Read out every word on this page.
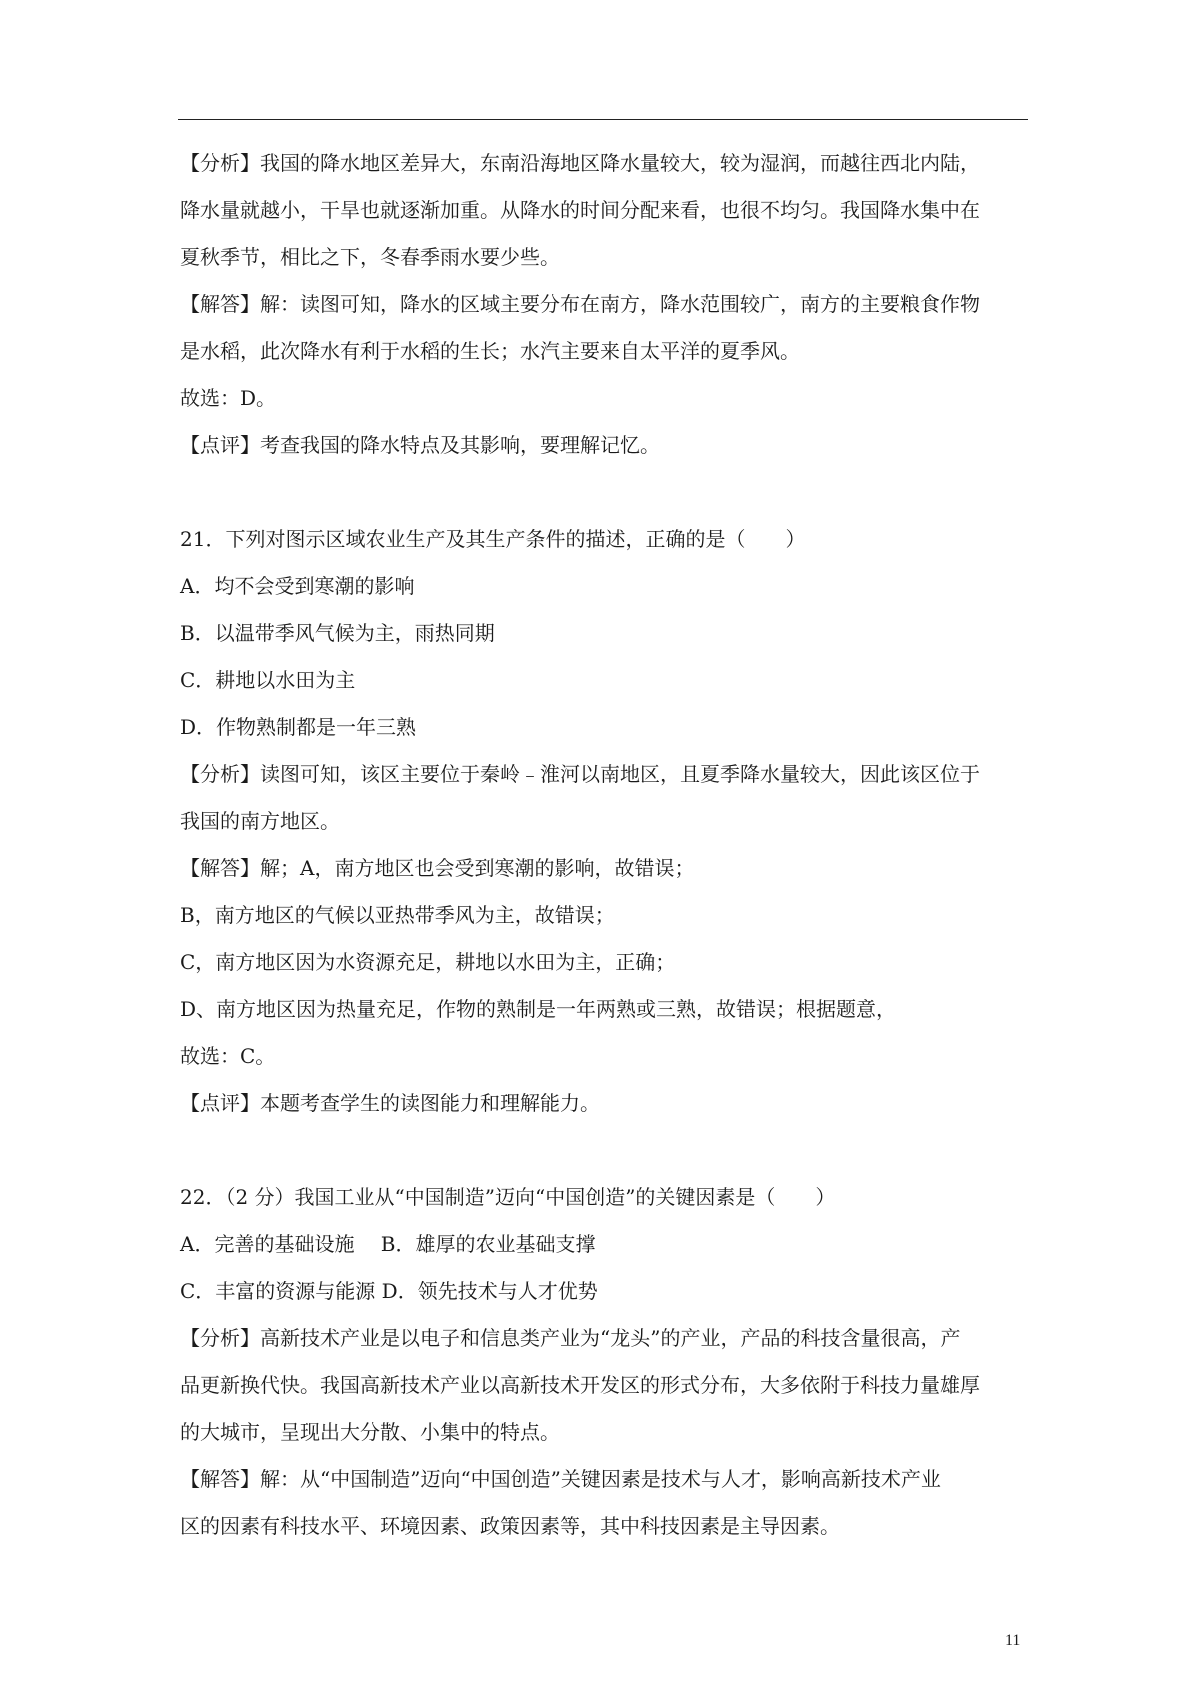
【分析】我国的降水地区差异大，东南沿海地区降水量较大，较为湿润，而越往西北内陆，
降水量就越小，干旱也就逐渐加重。从降水的时间分配来看，也很不均匀。我国降水集中在
夏秋季节，相比之下，冬春季雨水要少些。
【解答】解：读图可知，降水的区域主要分布在南方，降水范围较广，南方的主要粮食作物
是水稻，此次降水有利于水稻的生长；水汽主要来自太平洋的夏季风。
故选：D。
【点评】考查我国的降水特点及其影响，要理解记忆。
21．下列对图示区域农业生产及其生产条件的描述，正确的是（　　）
A．均不会受到寒潮的影响
B．以温带季风气候为主，雨热同期
C．耕地以水田为主
D．作物熟制都是一年三熟
【分析】读图可知，该区主要位于秦岭﹣淮河以南地区，且夏季降水量较大，因此该区位于
我国的南方地区。
【解答】解；A，南方地区也会受到寒潮的影响，故错误；
B，南方地区的气候以亚热带季风为主，故错误；
C，南方地区因为水资源充足，耕地以水田为主，正确；
D、南方地区因为热量充足，作物的熟制是一年两熟或三熟，故错误；根据题意，
故选：C。
【点评】本题考查学生的读图能力和理解能力。
22．（2 分）我国工业从“中国制造”迈向“中国创造”的关键因素是（　　）
A．完善的基础设施　 B．雄厚的农业基础支撑
C．丰富的资源与能源 D．领先技术与人才优势
【分析】高新技术产业是以电子和信息类产业为“龙头”的产业，产品的科技含量很高，产
品更新换代快。我国高新技术产业以高新技术开发区的形式分布，大多依附于科技力量雄厚
的大城市，呈现出大分散、小集中的特点。
【解答】解：从“中国制造”迈向“中国创造”关键因素是技术与人才，影响高新技术产业
区的因素有科技水平、环境因素、政策因素等，其中科技因素是主导因素。
11
